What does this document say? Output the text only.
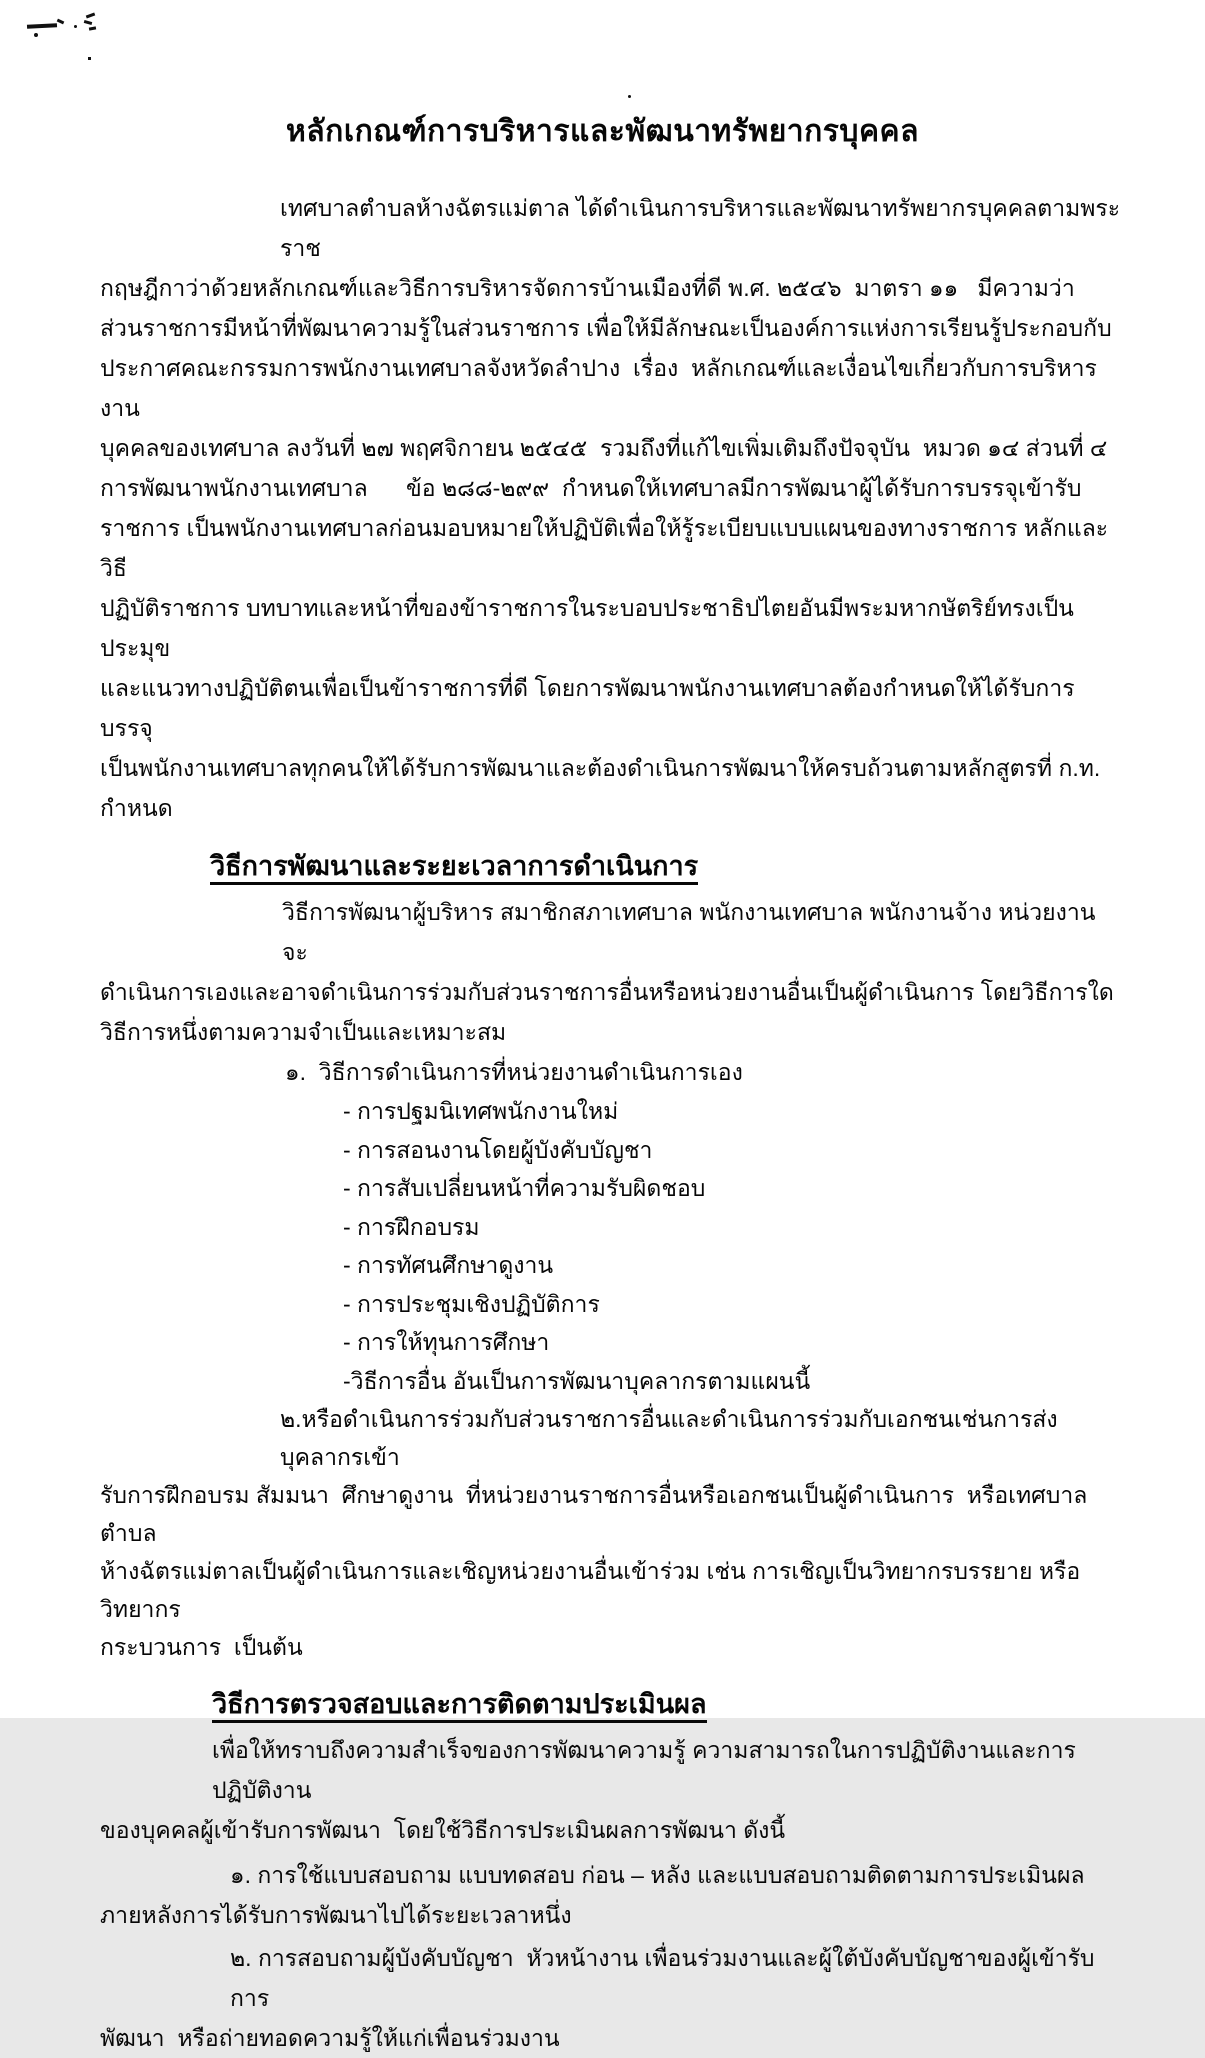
หลักเกณฑ์การบริหารและพัฒนาทรัพยากรบุคคล
เทศบาลตำบลห้างฉัตรแม่ตาล ได้ดำเนินการบริหารและพัฒนาทรัพยากรบุคคลตามพระราช
กฤษฎีกาว่าด้วยหลักเกณฑ์และวิธีการบริหารจัดการบ้านเมืองที่ดี พ.ศ. ๒๕๔๖  มาตรา ๑๑   มีความว่า
ส่วนราชการมีหน้าที่พัฒนาความรู้ในส่วนราชการ เพื่อให้มีลักษณะเป็นองค์การแห่งการเรียนรู้ประกอบกับ
ประกาศคณะกรรมการพนักงานเทศบาลจังหวัดลำปาง  เรื่อง  หลักเกณฑ์และเงื่อนไขเกี่ยวกับการบริหารงาน
บุคคลของเทศบาล ลงวันที่ ๒๗ พฤศจิกายน ๒๕๔๕  รวมถึงที่แก้ไขเพิ่มเติมถึงปัจจุบัน  หมวด ๑๔ ส่วนที่ ๔
การพัฒนาพนักงานเทศบาล      ข้อ ๒๘๘-๒๙๙  กำหนดให้เทศบาลมีการพัฒนาผู้ได้รับการบรรจุเข้ารับ
ราชการ เป็นพนักงานเทศบาลก่อนมอบหมายให้ปฏิบัติเพื่อให้รู้ระเบียบแบบแผนของทางราชการ หลักและวิธี
ปฏิบัติราชการ บทบาทและหน้าที่ของข้าราชการในระบอบประชาธิปไตยอันมีพระมหากษัตริย์ทรงเป็นประมุข
และแนวทางปฏิบัติตนเพื่อเป็นข้าราชการที่ดี โดยการพัฒนาพนักงานเทศบาลต้องกำหนดให้ได้รับการบรรจุ
เป็นพนักงานเทศบาลทุกคนให้ได้รับการพัฒนาและต้องดำเนินการพัฒนาให้ครบถ้วนตามหลักสูตรที่ ก.ท.
กำหนด
วิธีการพัฒนาและระยะเวลาการดำเนินการ
วิธีการพัฒนาผู้บริหาร สมาชิกสภาเทศบาล พนักงานเทศบาล พนักงานจ้าง หน่วยงานจะ
ดำเนินการเองและอาจดำเนินการร่วมกับส่วนราชการอื่นหรือหน่วยงานอื่นเป็นผู้ดำเนินการ โดยวิธีการใด
วิธีการหนึ่งตามความจำเป็นและเหมาะสม
๑.  วิธีการดำเนินการที่หน่วยงานดำเนินการเอง
- การปฐมนิเทศพนักงานใหม่
- การสอนงานโดยผู้บังคับบัญชา
- การสับเปลี่ยนหน้าที่ความรับผิดชอบ
- การฝึกอบรม
- การทัศนศึกษาดูงาน
- การประชุมเชิงปฏิบัติการ
- การให้ทุนการศึกษา
-วิธีการอื่น อันเป็นการพัฒนาบุคลากรตามแผนนี้
๒.หรือดำเนินการร่วมกับส่วนราชการอื่นและดำเนินการร่วมกับเอกชนเช่นการส่งบุคลากรเข้า
รับการฝึกอบรม สัมมนา  ศึกษาดูงาน  ที่หน่วยงานราชการอื่นหรือเอกชนเป็นผู้ดำเนินการ  หรือเทศบาลตำบล
ห้างฉัตรแม่ตาลเป็นผู้ดำเนินการและเชิญหน่วยงานอื่นเข้าร่วม เช่น การเชิญเป็นวิทยากรบรรยาย หรือวิทยากร
กระบวนการ  เป็นต้น
วิธีการตรวจสอบและการติดตามประเมินผล
เพื่อให้ทราบถึงความสำเร็จของการพัฒนาความรู้ ความสามารถในการปฏิบัติงานและการปฏิบัติงาน
ของบุคคลผู้เข้ารับการพัฒนา  โดยใช้วิธีการประเมินผลการพัฒนา ดังนี้
๑. การใช้แบบสอบถาม แบบทดสอบ ก่อน – หลัง และแบบสอบถามติดตามการประเมินผล
ภายหลังการได้รับการพัฒนาไปได้ระยะเวลาหนึ่ง
๒. การสอบถามผู้บังคับบัญชา  หัวหน้างาน เพื่อนร่วมงานและผู้ใต้บังคับบัญชาของผู้เข้ารับการ
พัฒนา  หรือถ่ายทอดความรู้ให้แก่เพื่อนร่วมงาน
